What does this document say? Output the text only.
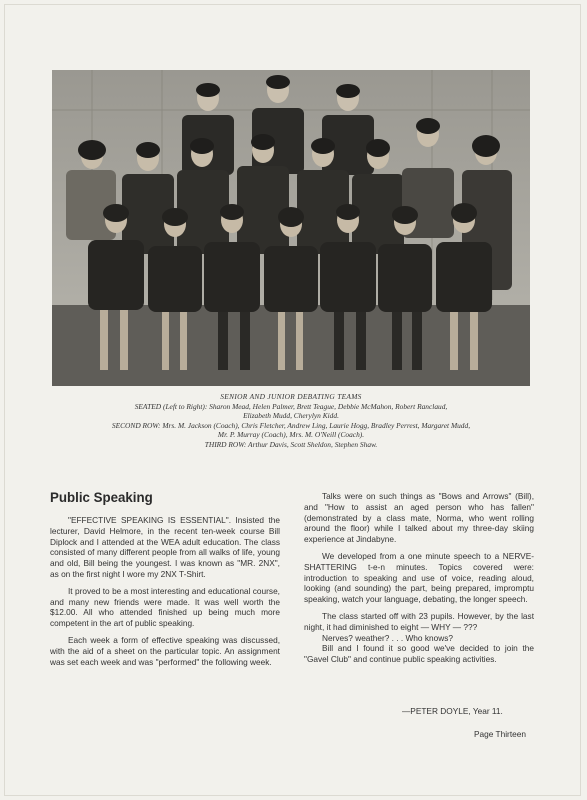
SENIOR AND JUNIOR DEBATING TEAMS
SEATED (Left to Right): Sharon Mead, Helen Palmer, Brett Teague, Debbie McMahon, Robert Ranclaud,
Elizabeth Mudd, Cherylyn Kidd.
SECOND ROW: Mrs. M. Jackson (Coach), Chris Fletcher, Andrew Ling, Laurie Hogg, Bradley Perrest, Margaret Mudd,
Mr. P. Murray (Coach), Mrs. M. O'Neill (Coach).
THIRD ROW: Arthur Davis, Scott Sheldon, Stephen Shaw.
Public Speaking

"EFFECTIVE SPEAKING IS ESSENTIAL". Insisted the lecturer, David Helmore, in the recent ten-week course Bill Diplock and I attended at the WEA adult education. The class consisted of many different people from all walks of life, young and old, Bill being the youngest. I was known as "MR. 2NX", as on the first night I wore my 2NX T-Shirt.

It proved to be a most interesting and educational course, and many new friends were made. It was well worth the $12.00. All who attended finished up being much more competent in the art of public speaking.

Each week a form of effective speaking was discussed, with the aid of a sheet on the particular topic. An assignment was set each week and was "performed" the following week.

Talks were on such things as "Bows and Arrows" (Bill), and "How to assist an aged person who has fallen" (demonstrated by a class mate, Norma, who went rolling around the floor) while I talked about my three-day skiing experience at Jindabyne.

We developed from a one minute speech to a NERVE-SHATTERING t-e-n minutes. Topics covered were: introduction to speaking and use of voice, reading aloud, looking (and sounding) the part, being prepared, impromptu speaking, watch your language, debating, the longer speech.

The class started off with 23 pupils. However, by the last night, it had diminished to eight — WHY — ???

Nerves? weather? . . . Who knows?

Bill and I found it so good we've decided to join the "Gavel Club" and continue public speaking activities.

—PETER DOYLE, Year 11.
Page Thirteen
